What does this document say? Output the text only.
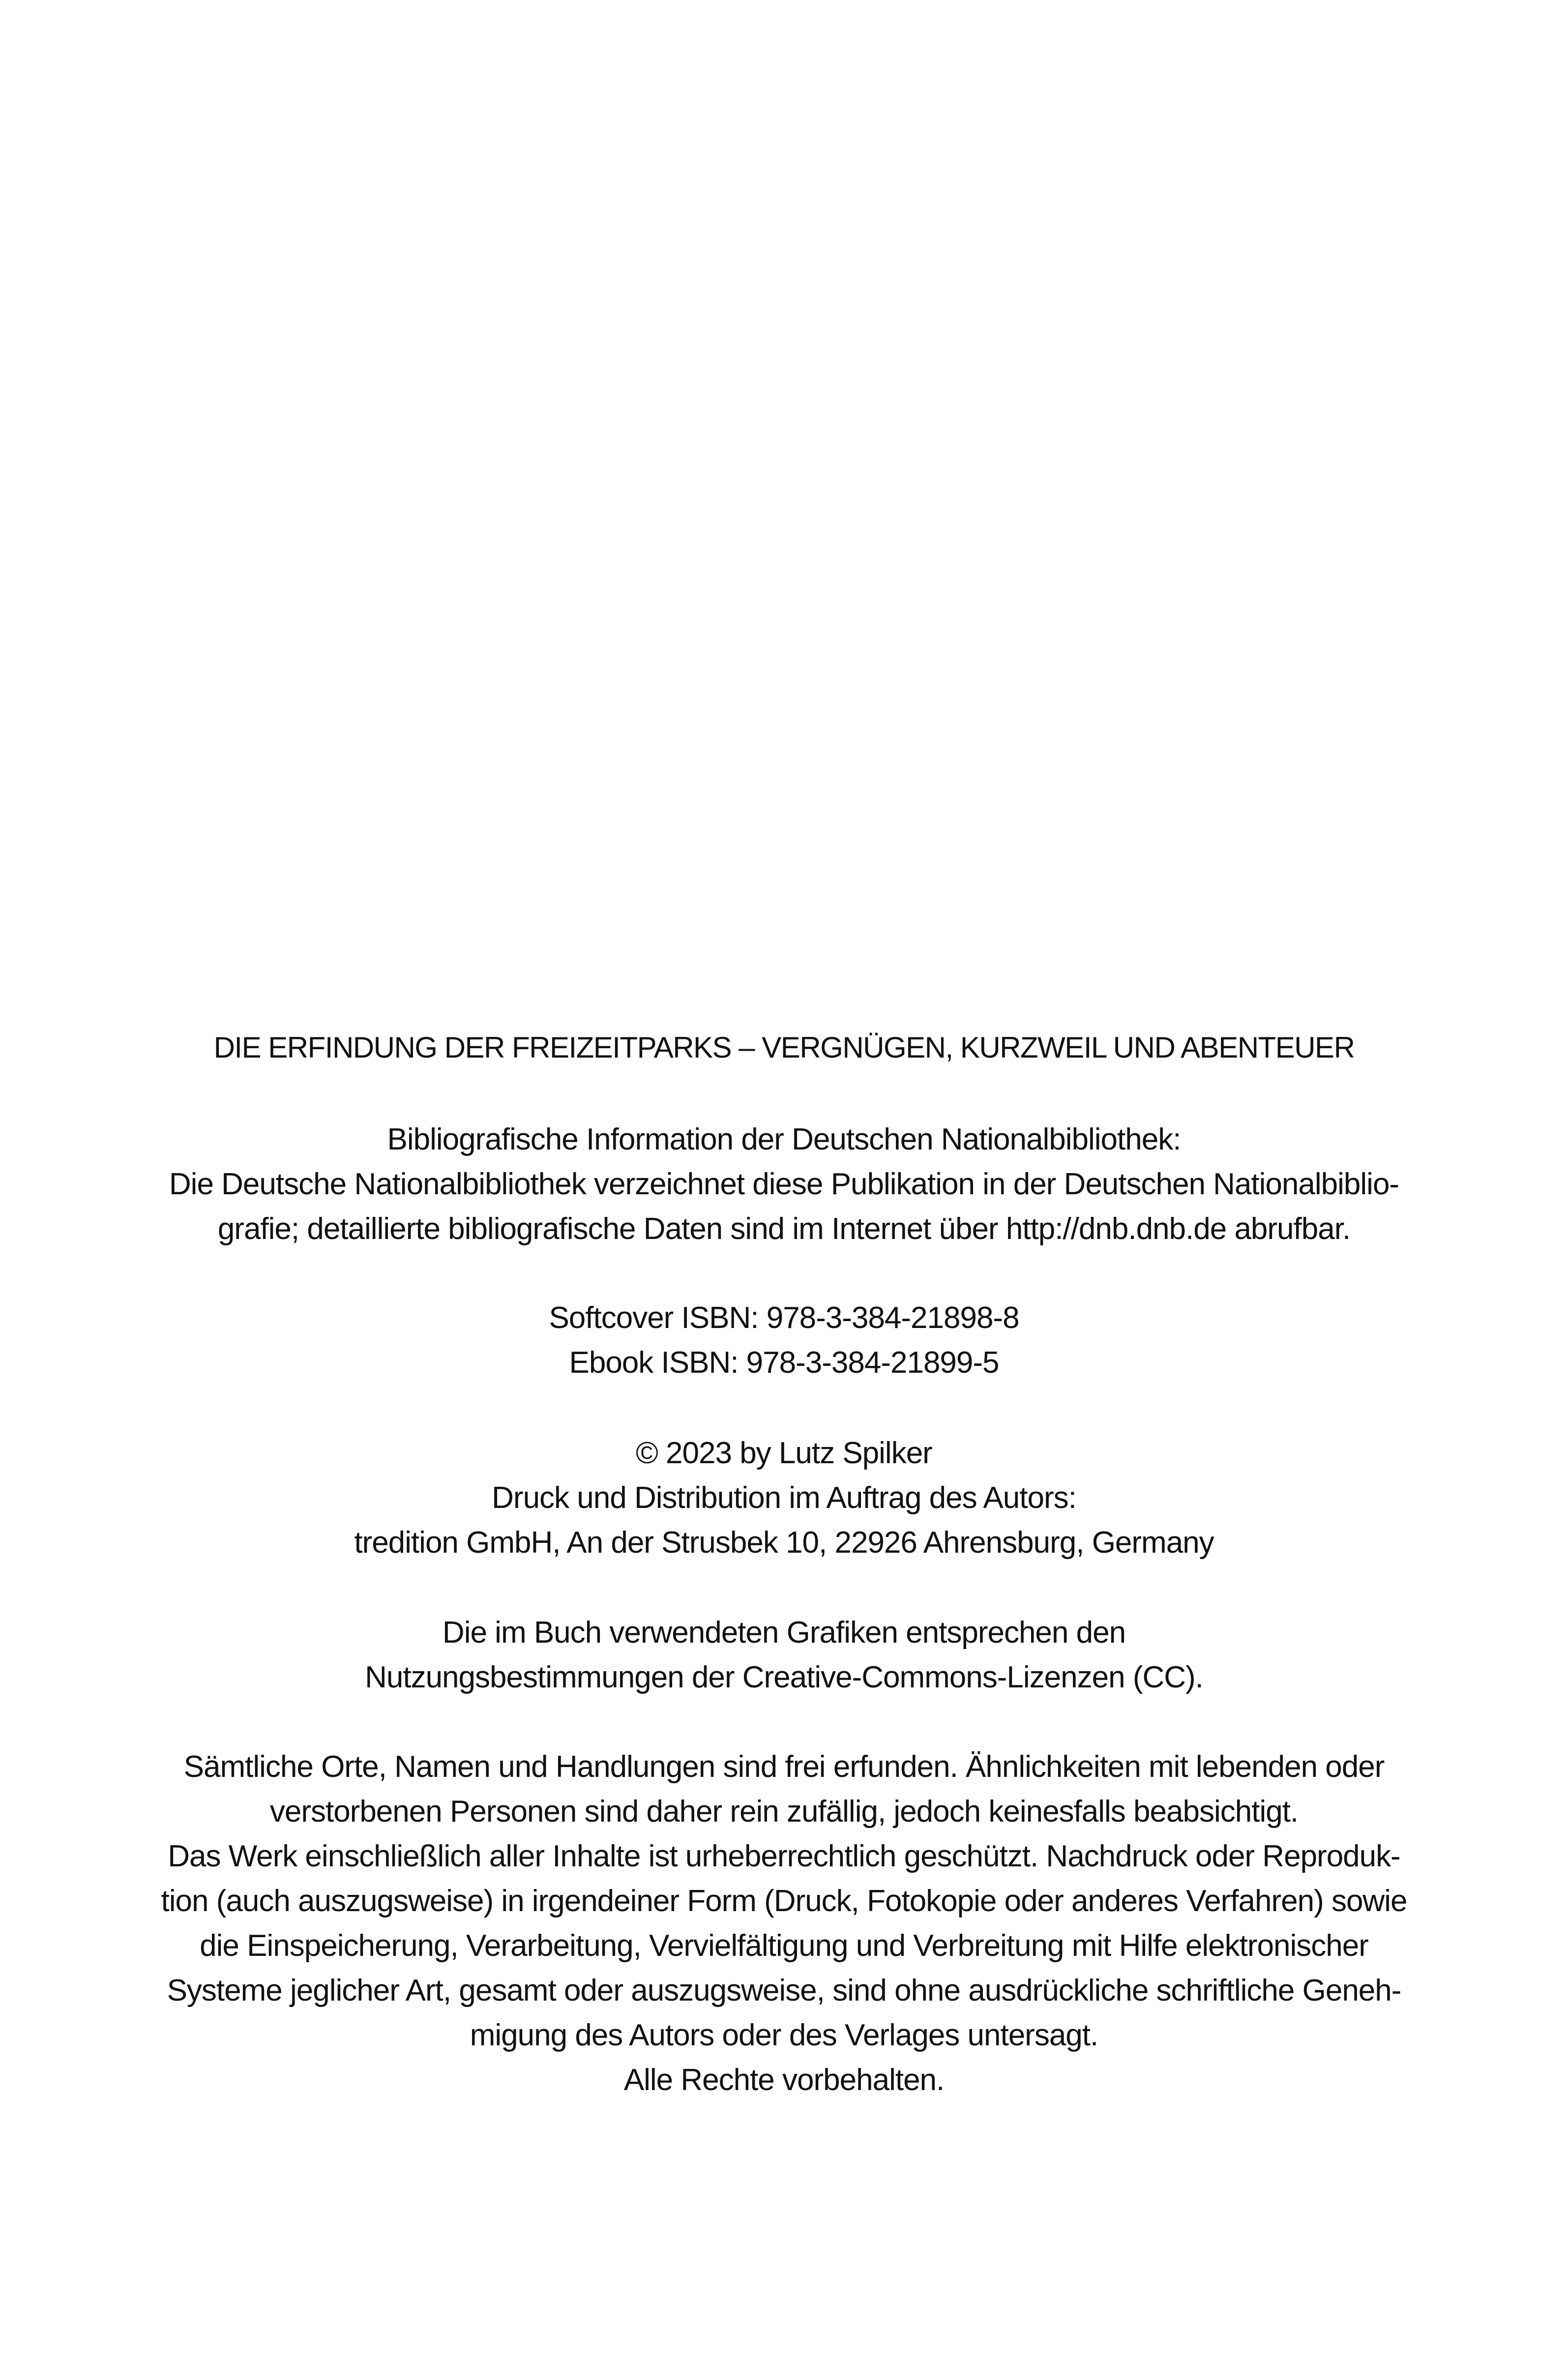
DIE ERFINDUNG DER FREIZEITPARKS – VERGNÜGEN, KURZWEIL UND ABENTEUER
Bibliografische Information der Deutschen Nationalbibliothek:
Die Deutsche Nationalbibliothek verzeichnet diese Publikation in der Deutschen Nationalbiblio-
grafie; detaillierte bibliografische Daten sind im Internet über http://dnb.dnb.de abrufbar.
Softcover ISBN: 978-3-384-21898-8
Ebook ISBN: 978-3-384-21899-5
© 2023 by Lutz Spilker
Druck und Distribution im Auftrag des Autors:
tredition GmbH, An der Strusbek 10, 22926 Ahrensburg, Germany
Die im Buch verwendeten Grafiken entsprechen den
Nutzungsbestimmungen der Creative-Commons-Lizenzen (CC).
Sämtliche Orte, Namen und Handlungen sind frei erfunden. Ähnlichkeiten mit lebenden oder
verstorbenen Personen sind daher rein zufällig, jedoch keinesfalls beabsichtigt.
Das Werk einschließlich aller Inhalte ist urheberrechtlich geschützt. Nachdruck oder Reproduk-
tion (auch auszugsweise) in irgendeiner Form (Druck, Fotokopie oder anderes Verfahren) sowie
die Einspeicherung, Verarbeitung, Vervielfältigung und Verbreitung mit Hilfe elektronischer
Systeme jeglicher Art, gesamt oder auszugsweise, sind ohne ausdrückliche schriftliche Geneh-
migung des Autors oder des Verlages untersagt.
Alle Rechte vorbehalten.
